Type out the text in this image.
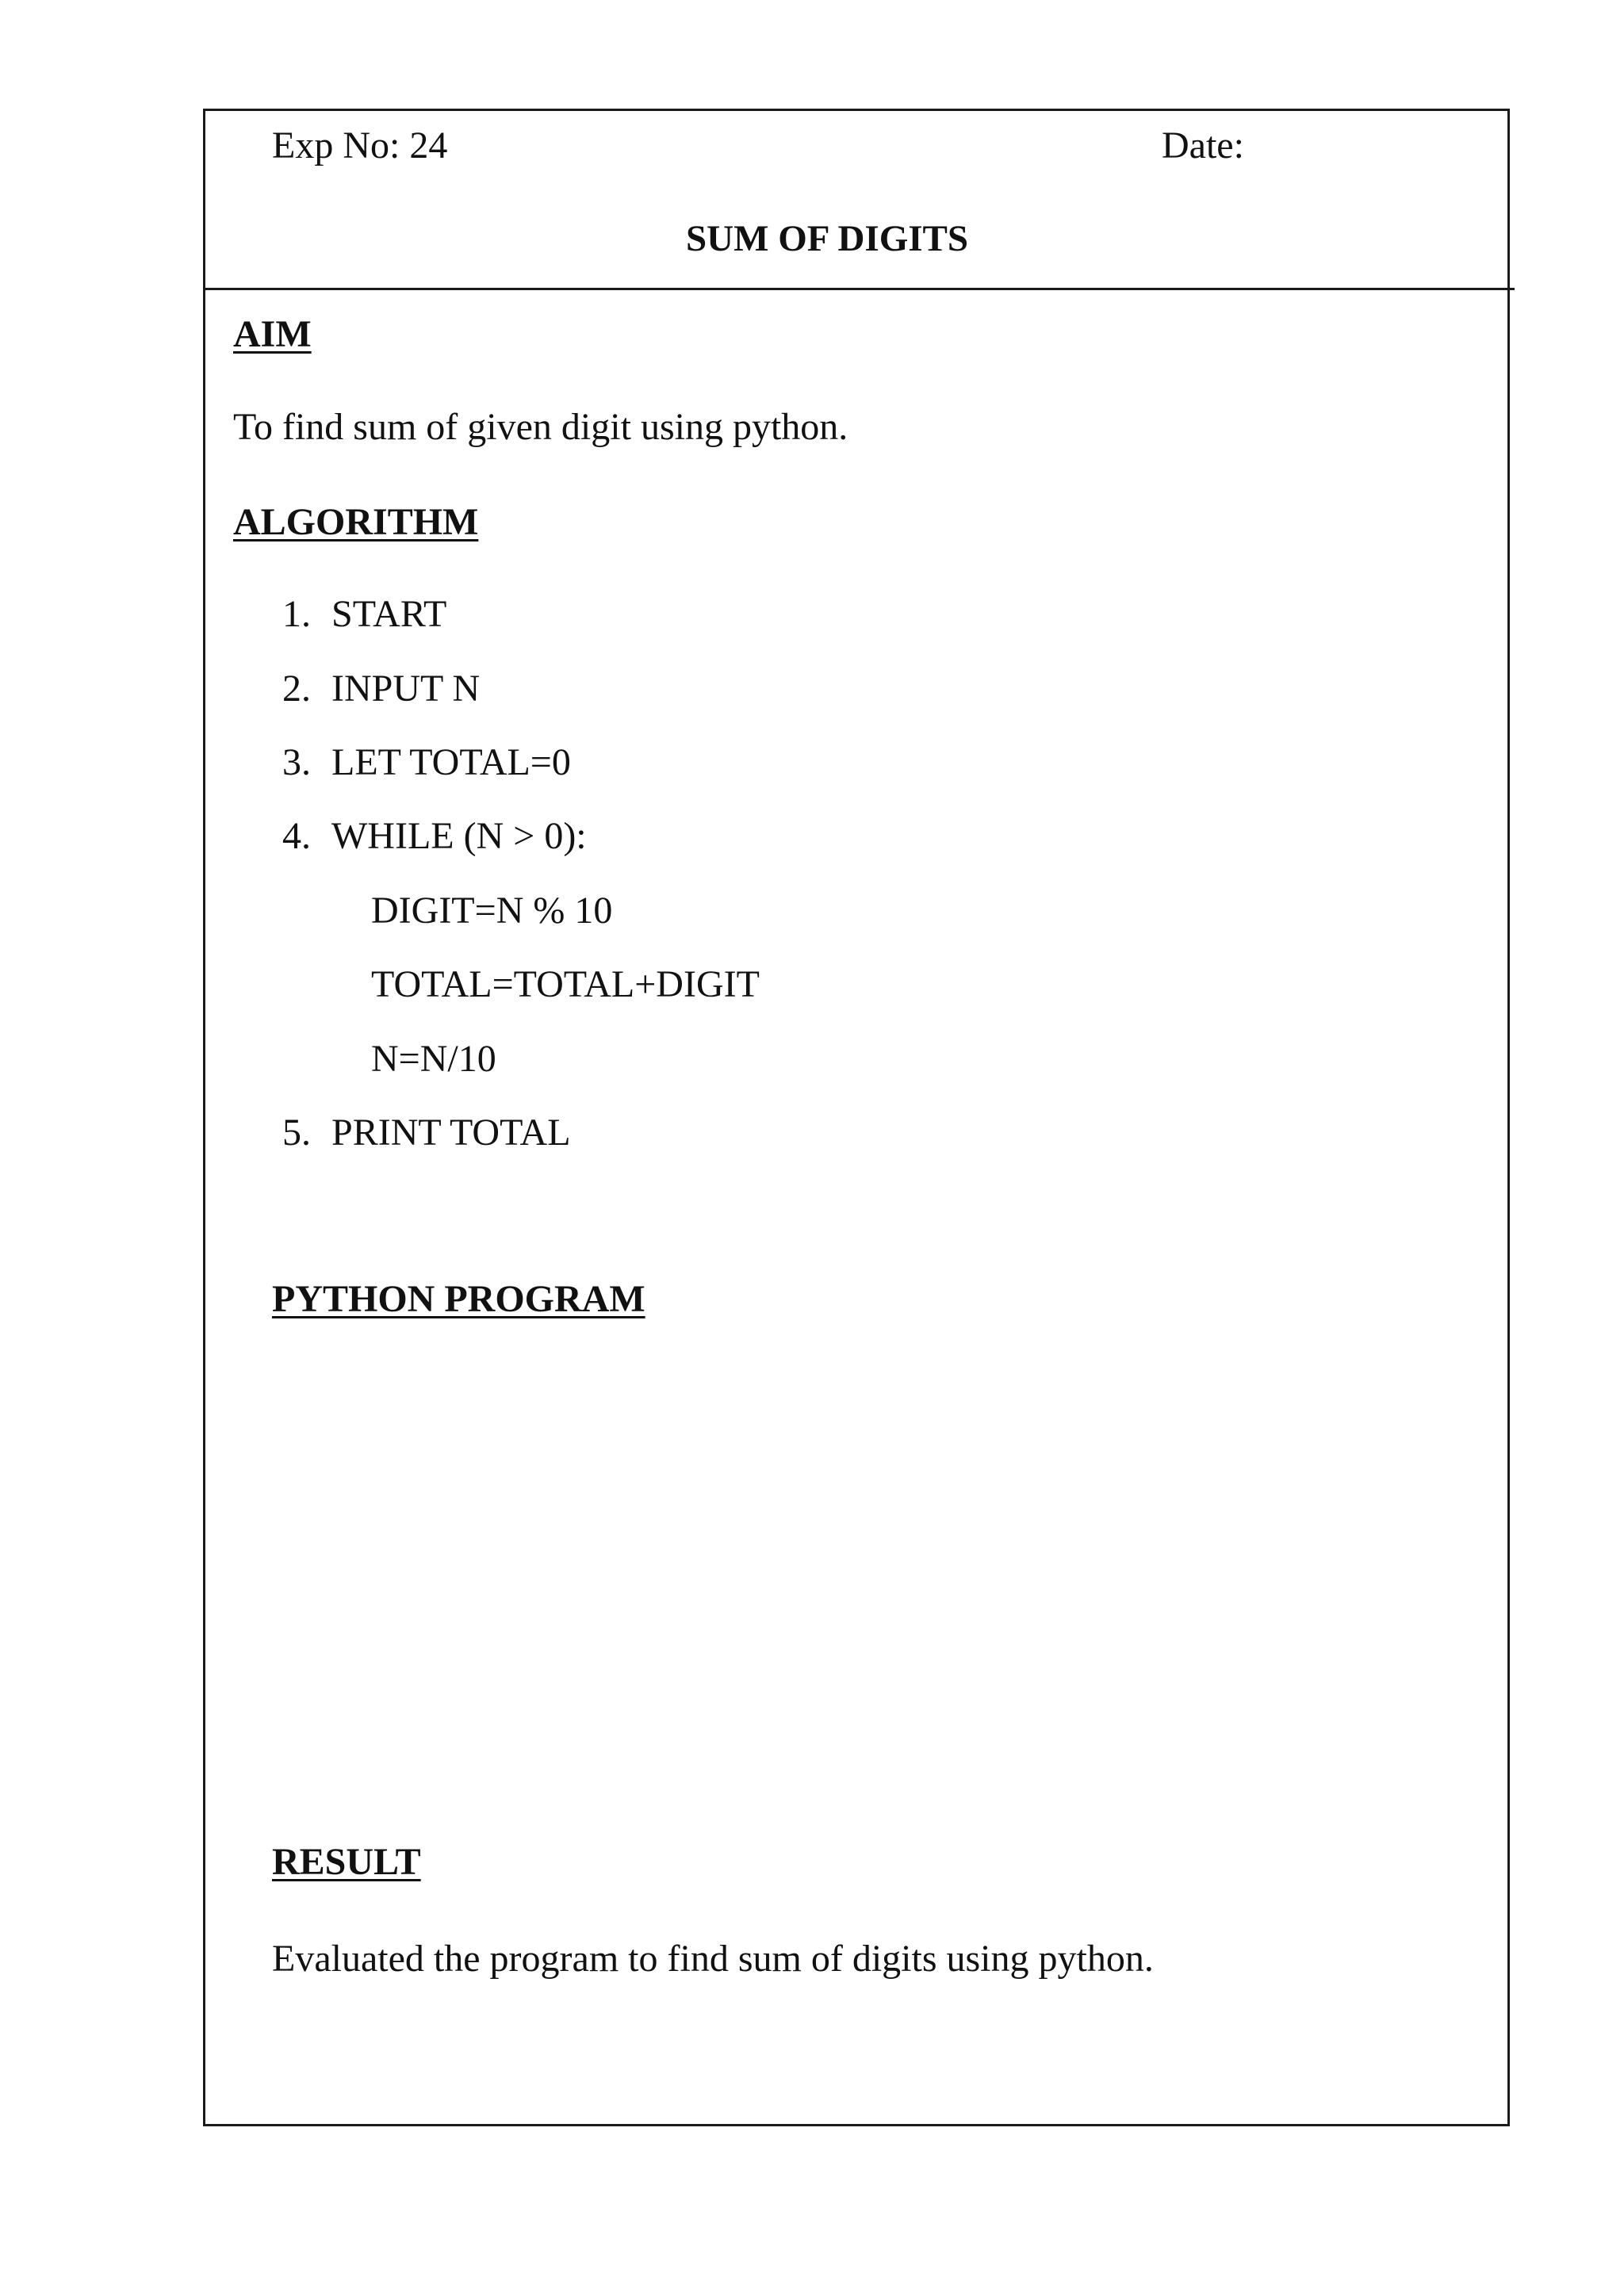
Exp No: 24	Date:
SUM OF DIGITS
AIM
To find sum of given digit using python.
ALGORITHM
1. START
2. INPUT N
3. LET TOTAL=0
4. WHILE (N > 0):
DIGIT=N % 10
TOTAL=TOTAL+DIGIT
N=N/10
5. PRINT TOTAL
PYTHON PROGRAM
RESULT
Evaluated the program to find sum of digits using python.
